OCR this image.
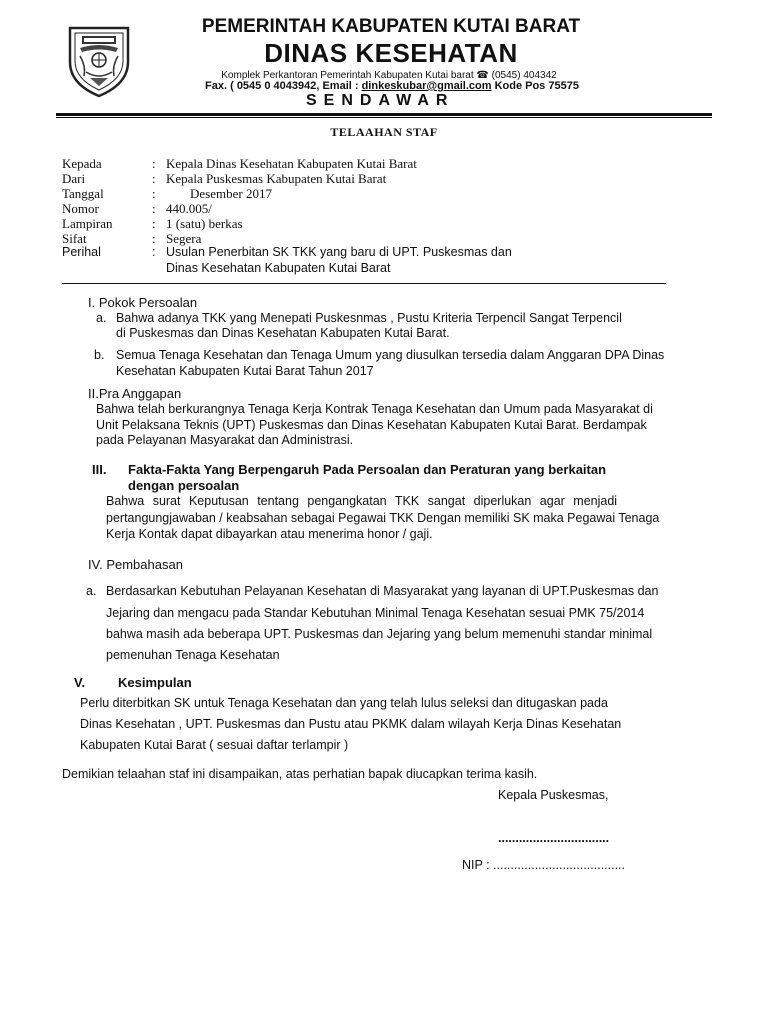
PEMERINTAH KABUPATEN KUTAI BARAT
DINAS KESEHATAN
Komplek Perkantoran Pemerintah Kabupaten Kutai barat ☎ (0545) 404342
Fax. ( 0545 0 4043942, Email : dinkeskubar@gmail.com Kode Pos 75575
SENDAWAR
TELAAHAN STAF
Kepada	: Kepala Dinas Kesehatan Kabupaten Kutai Barat
Dari	: Kepala Puskesmas Kabupaten Kutai Barat
Tanggal	:	Desember 2017
Nomor	: 440.005/
Lampiran	: 1 (satu) berkas
Sifat	: Segera
Perihal	: Usulan Penerbitan SK TKK yang baru di UPT. Puskesmas dan
Dinas Kesehatan Kabupaten Kutai Barat
I. Pokok Persoalan
a. Bahwa adanya TKK yang Menepati Puskesnmas , Pustu Kriteria Terpencil Sangat Terpencil
di Puskesmas dan Dinas Kesehatan Kabupaten Kutai Barat.
b. Semua Tenaga Kesehatan dan Tenaga Umum yang diusulkan tersedia dalam Anggaran DPA Dinas
Kesehatan Kabupaten Kutai Barat Tahun 2017
II.Pra Anggapan
Bahwa telah berkurangnya Tenaga Kerja Kontrak Tenaga Kesehatan dan Umum pada Masyarakat di
Unit Pelaksana Teknis (UPT) Puskesmas dan Dinas Kesehatan Kabupaten Kutai Barat. Berdampak
pada Pelayanan Masyarakat dan Administrasi.
III. Fakta-Fakta Yang Berpengaruh Pada Persoalan dan Peraturan yang berkaitan
dengan persoalan
Bahwa surat Keputusan tentang pengangkatan TKK sangat diperlukan agar menjadi
pertangungjawaban / keabsahan sebagai Pegawai TKK Dengan memiliki SK maka Pegawai Tenaga
Kerja Kontak dapat dibayarkan atau menerima honor / gaji.
IV. Pembahasan
a. Berdasarkan Kebutuhan Pelayanan Kesehatan di Masyarakat yang layanan di UPT.Puskesmas dan
Jejaring dan mengacu pada Standar Kebutuhan Minimal Tenaga Kesehatan sesuai PMK 75/2014
bahwa masih ada beberapa UPT. Puskesmas dan Jejaring yang belum memenuhi standar minimal
pemenuhan Tenaga Kesehatan
V.	Kesimpulan
Perlu diterbitkan SK untuk Tenaga Kesehatan dan yang telah lulus seleksi dan ditugaskan pada
Dinas Kesehatan , UPT. Puskesmas dan Pustu atau PKMK dalam wilayah Kerja Dinas Kesehatan
Kabupaten Kutai Barat ( sesuai daftar terlampir )
Demikian telaahan staf ini disampaikan, atas perhatian bapak diucapkan terima kasih.
Kepala Puskesmas,
................................
NIP : ......................................
